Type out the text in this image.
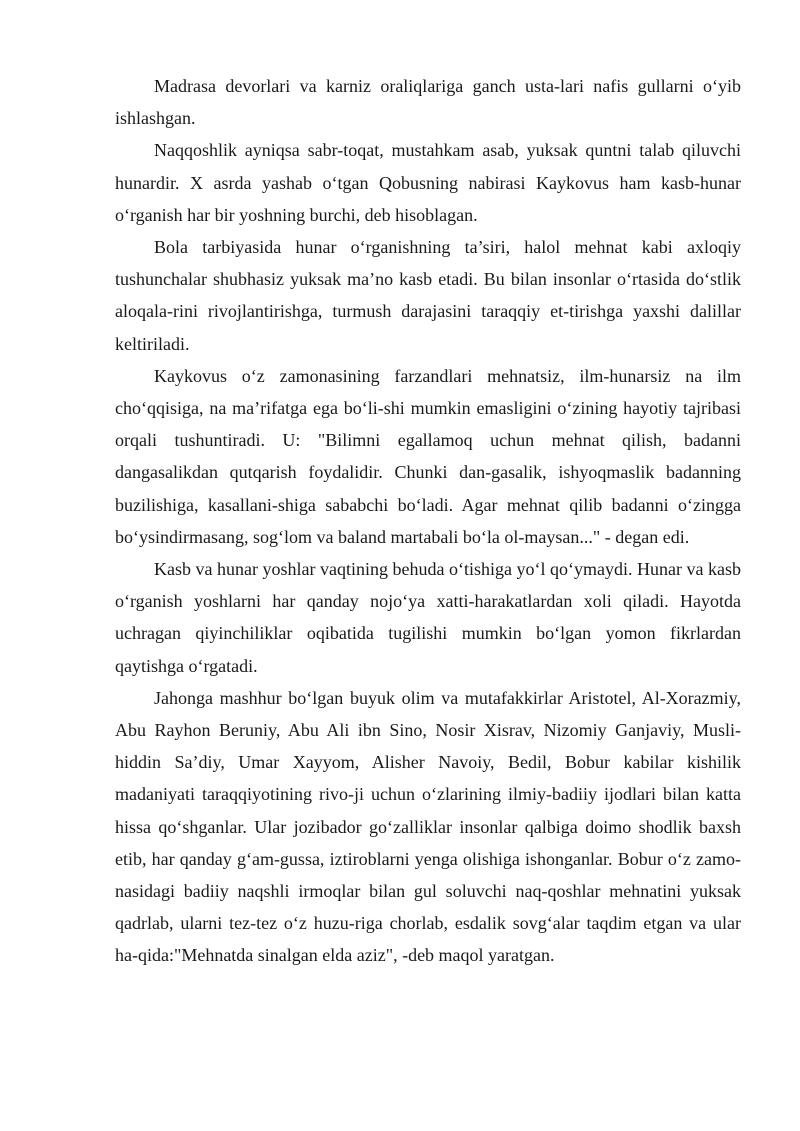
Madrasa devorlari va karniz oraliqlariga ganch usta-lari nafis gullarni o‘yib ishlashgan.

Naqqoshlik ayniqsa sabr-toqat, mustahkam asab, yuksak quntni talab qiluvchi hunardir. X asrda yashab o‘tgan Qobusning nabirasi Kaykovus ham kasb-hunar o‘rganish har bir yoshning burchi, deb hisoblagan.

Bola tarbiyasida hunar o‘rganishning ta’siri, halol mehnat kabi axloqiy tushunchalar shubhasiz yuksak ma’no kasb etadi. Bu bilan insonlar o‘rtasida do‘stlik aloqala-rini rivojlantirishga, turmush darajasini taraqqiy et-tirishga yaxshi dalillar keltiriladi.

Kaykovus o‘z zamonasining farzandlari mehnatsiz, ilm-hunarsiz na ilm cho‘qqisiga, na ma’rifatga ega bo‘li-shi mumkin emasligini o‘zining hayotiy tajribasi orqali tushuntiradi. U: "Bilimni egallamoq uchun mehnat qilish, badanni dangasalikdan qutqarish foydalidir. Chunki dan-gasalik, ishyoqmaslik badanning buzilishiga, kasallani-shiga sababchi bo‘ladi. Agar mehnat qilib badanni o‘zingga bo‘ysindirmasang, sog‘lom va baland martabali bo‘la ol-maysan..." - degan edi.

Kasb va hunar yoshlar vaqtining behuda o‘tishiga yo‘l qo‘ymaydi. Hunar va kasb o‘rganish yoshlarni har qanday nojo‘ya xatti-harakatlardan xoli qiladi. Hayotda uchragan qiyinchiliklar oqibatida tugilishi mumkin bo‘lgan yomon fikrlardan qaytishga o‘rgatadi.

Jahonga mashhur bo‘lgan buyuk olim va mutafakkirlar Aristotel, Al-Xorazmiy, Abu Rayhon Beruniy, Abu Ali ibn Sino, Nosir Xisrav, Nizomiy Ganjaviy, Musli-hiddin Sa’diy, Umar Xayyom, Alisher Navoiy, Bedil, Bobur kabilar kishilik madaniyati taraqqiyotining rivo-ji uchun o‘zlarining ilmiy-badiiy ijodlari bilan katta hissa qo‘shganlar. Ular jozibador go‘zalliklar insonlar qalbiga doimo shodlik baxsh etib, har qanday g‘am-gussa, iztiroblarni yenga olishiga ishonganlar. Bobur o‘z zamo-nasidagi badiiy naqshli irmoqlar bilan gul soluvchi naq-qoshlar mehnatini yuksak qadrlab, ularni tez-tez o‘z huzu-riga chorlab, esdalik sovg‘alar taqdim etgan va ular ha-qida:"Mehnatda sinalgan elda aziz", -deb maqol yaratgan.
